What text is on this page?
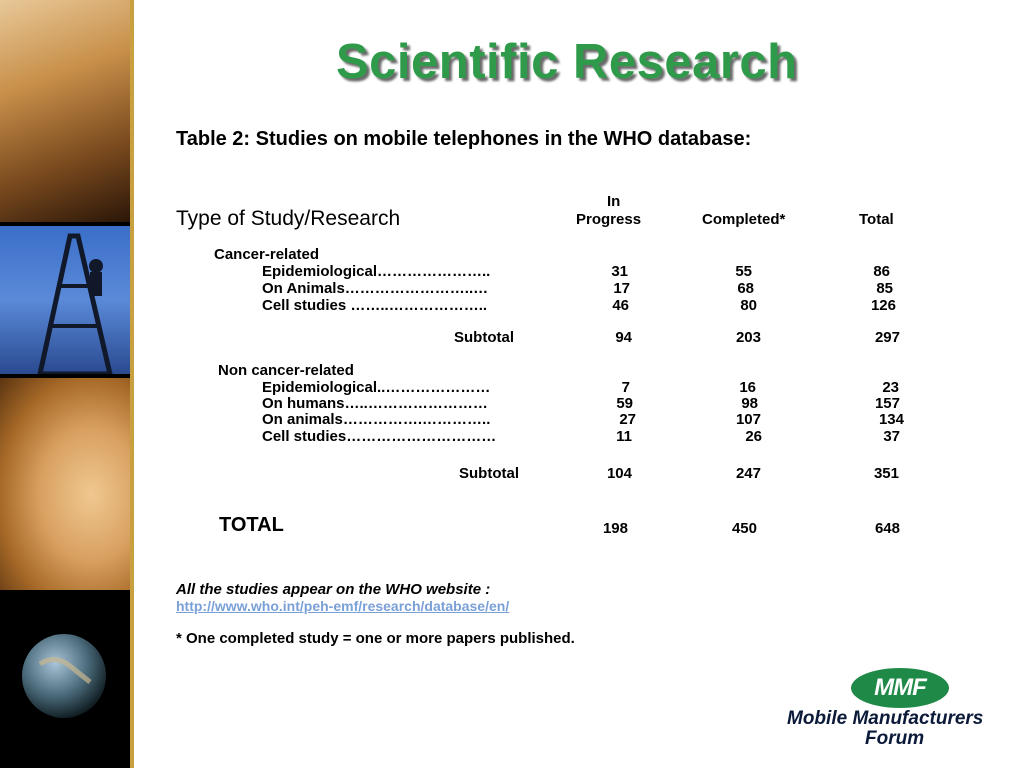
Scientific Research
Table 2: Studies on mobile telephones in the WHO database:
Type of Study/Research
In
Progress	Completed*	Total
Cancer-related
Epidemiological…………………..	31	55	86
On Animals……………………..…	17	68	85
Cell studies ……..………………..	46	80	126
Subtotal	94	203	297
Non cancer-related
Epidemiological..…………………	7	16	23
On humans…..……………………	59	98	157
On animals…………….…………..	27	107	134
Cell studies…………………………	11	26	37
Subtotal	104	247	351
TOTAL	198	450	648
All the studies appear on the WHO website :
http://www.who.int/peh-emf/research/database/en/
* One completed study = one or more papers published.
MMF
Mobile Manufacturers
Forum
